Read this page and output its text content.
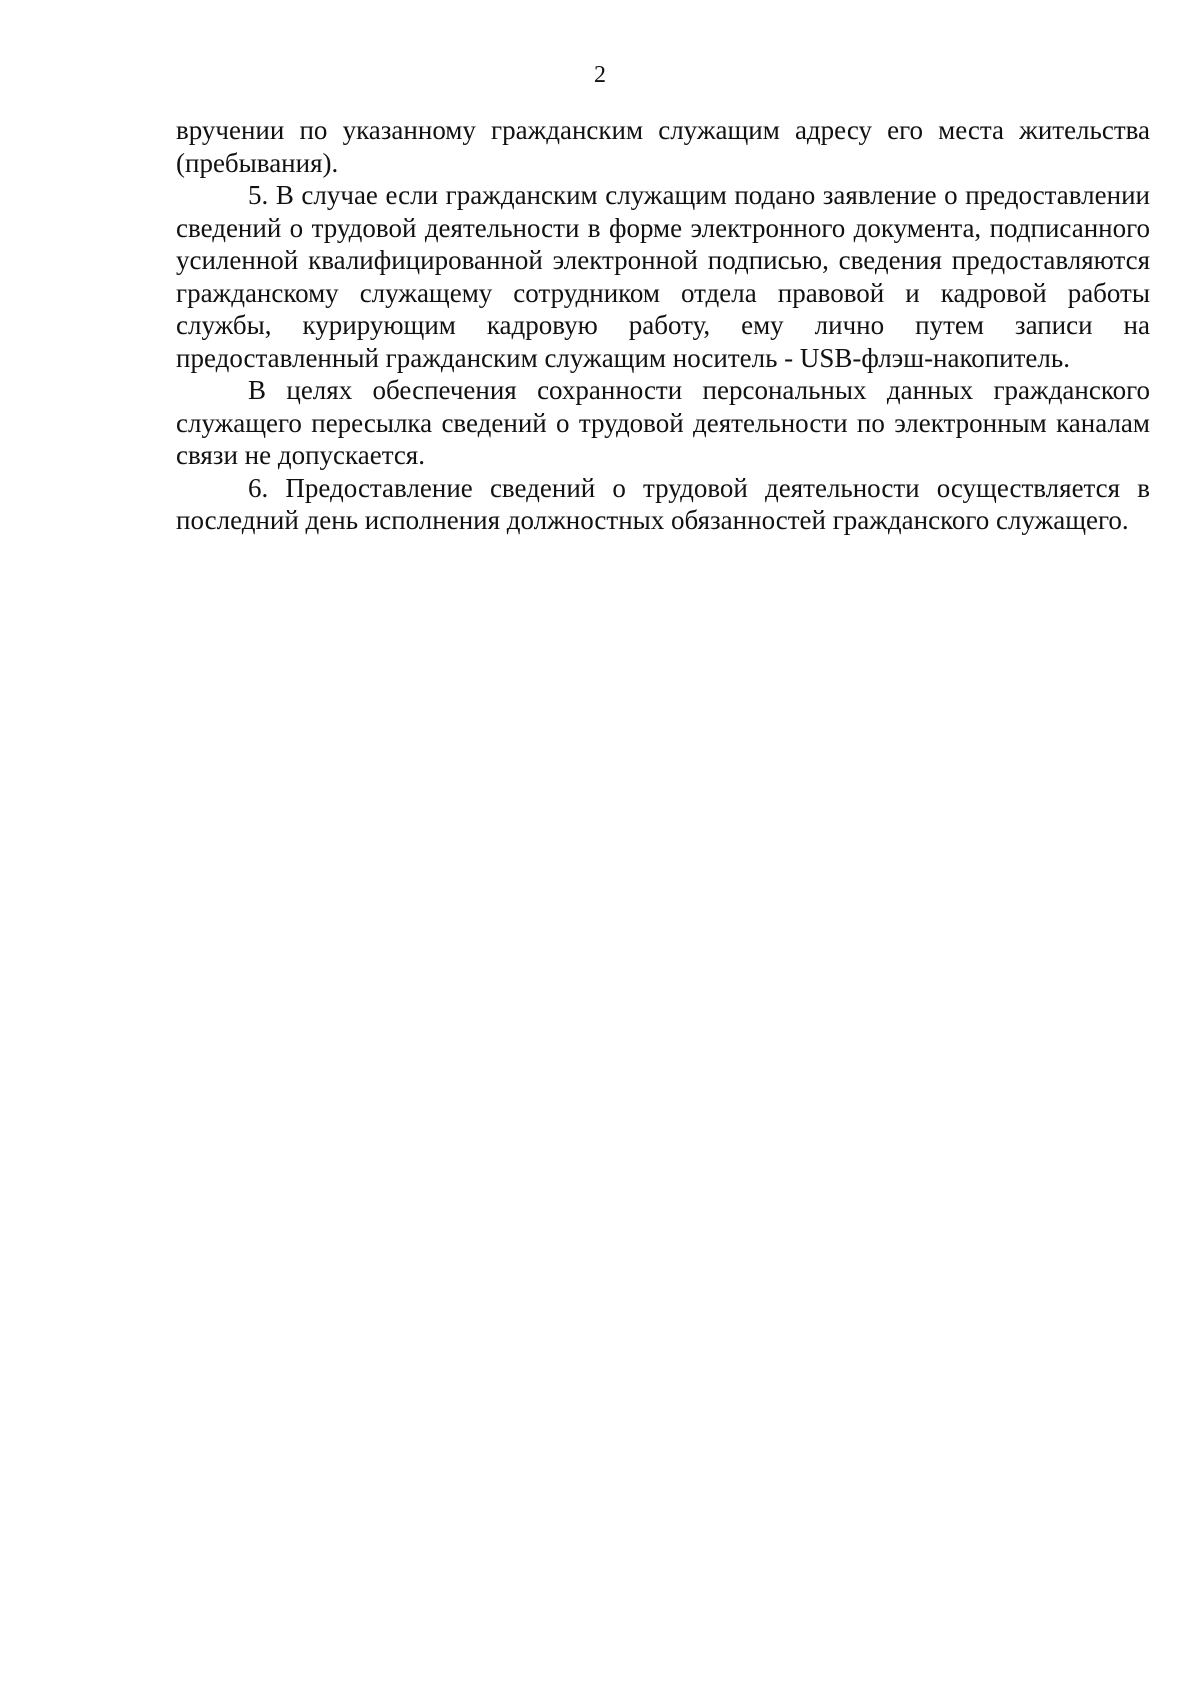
2

вручении по указанному гражданским служащим адресу его места жительства (пребывания).

5. В случае если гражданским служащим подано заявление о предоставлении сведений о трудовой деятельности в форме электронного документа, подписанного усиленной квалифицированной электронной подписью, сведения предоставляются гражданскому служащему сотрудником отдела правовой и кадровой работы службы, курирующим кадровую работу, ему лично путем записи на предоставленный гражданским служащим носитель - USB-флэш-накопитель.

В целях обеспечения сохранности персональных данных гражданского служащего пересылка сведений о трудовой деятельности по электронным каналам связи не допускается.

6. Предоставление сведений о трудовой деятельности осуществляется в последний день исполнения должностных обязанностей гражданского служащего.
